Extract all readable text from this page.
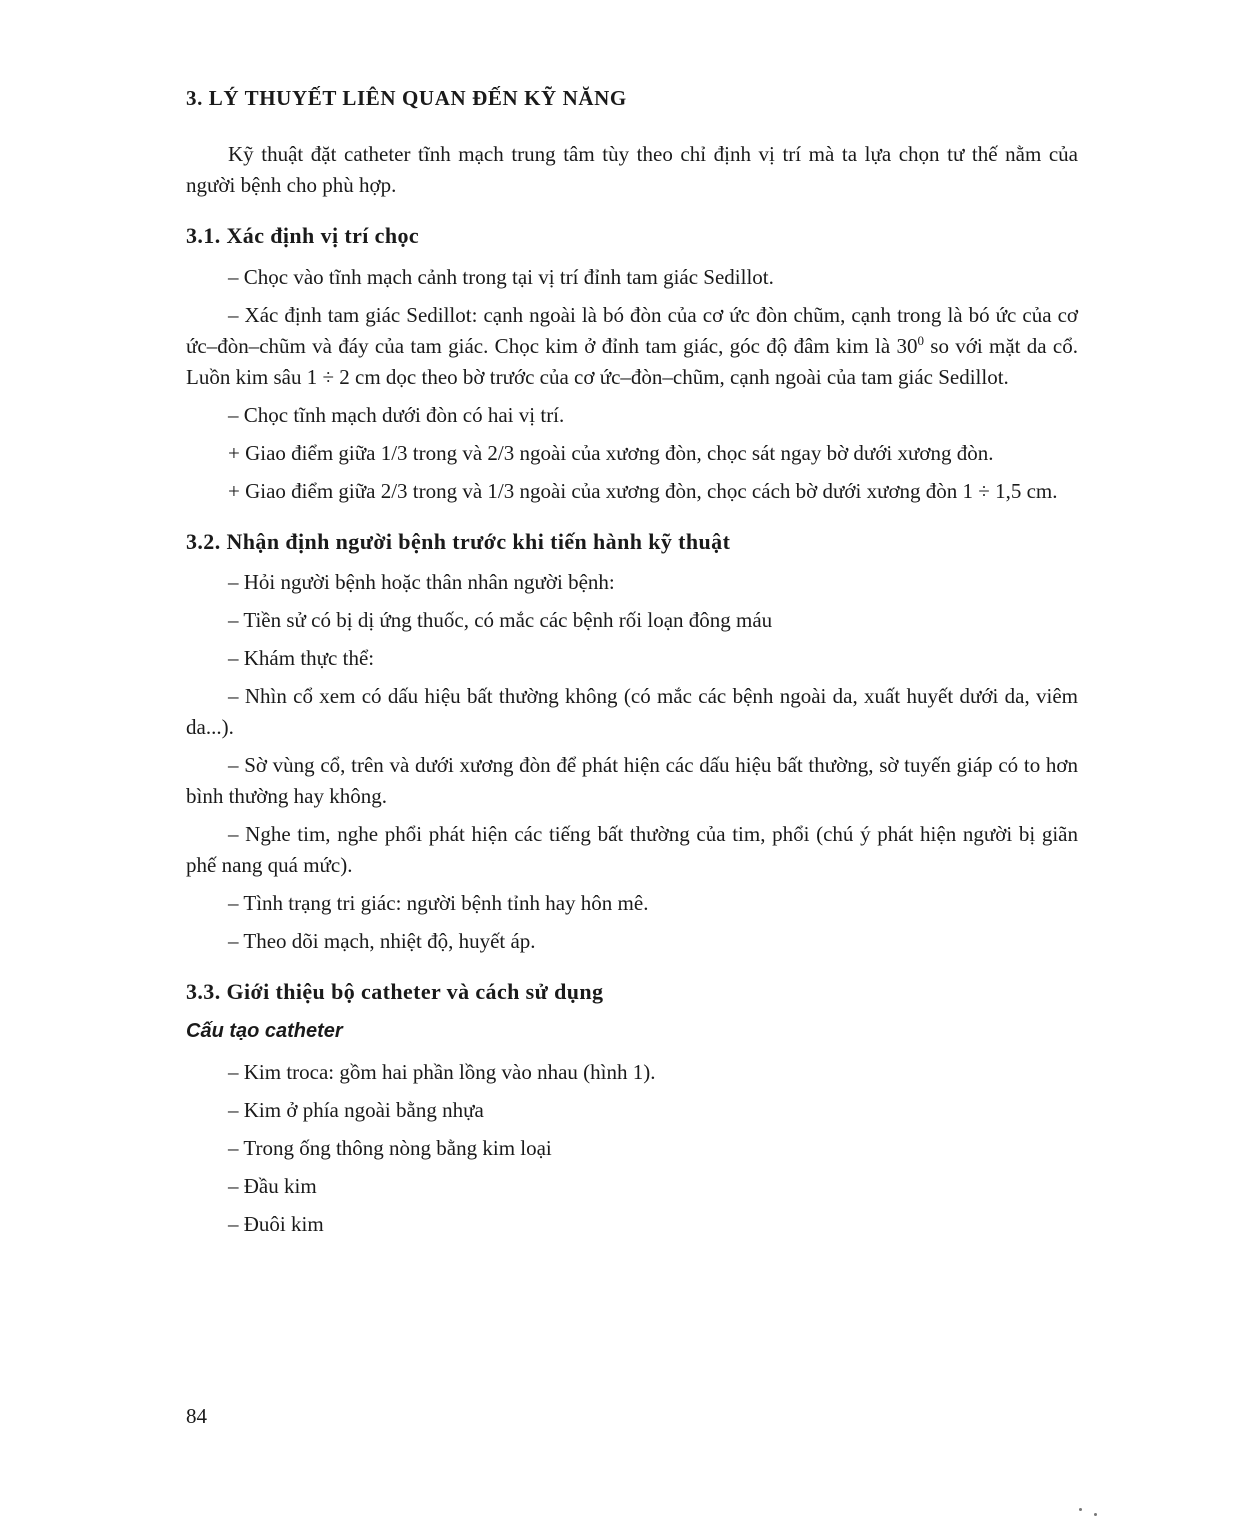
3. LÝ THUYẾT LIÊN QUAN ĐẾN KỸ NĂNG
Kỹ thuật đặt catheter tĩnh mạch trung tâm tùy theo chỉ định vị trí mà ta lựa chọn tư thế nằm của người bệnh cho phù hợp.
3.1. Xác định vị trí chọc
– Chọc vào tĩnh mạch cảnh trong tại vị trí đỉnh tam giác Sedillot.
– Xác định tam giác Sedillot: cạnh ngoài là bó đòn của cơ ức đòn chũm, cạnh trong là bó ức của cơ ức–đòn–chũm và đáy của tam giác. Chọc kim ở đỉnh tam giác, góc độ đâm kim là $30^0$ so với mặt da cổ. Luồn kim sâu 1 ÷ 2 cm dọc theo bờ trước của cơ ức–đòn–chũm, cạnh ngoài của tam giác Sedillot.
– Chọc tĩnh mạch dưới đòn có hai vị trí.
+ Giao điểm giữa 1/3 trong và 2/3 ngoài của xương đòn, chọc sát ngay bờ dưới xương đòn.
+ Giao điểm giữa 2/3 trong và 1/3 ngoài của xương đòn, chọc cách bờ dưới xương đòn 1 ÷ 1,5 cm.
3.2. Nhận định người bệnh trước khi tiến hành kỹ thuật
– Hỏi người bệnh hoặc thân nhân người bệnh:
– Tiền sử có bị dị ứng thuốc, có mắc các bệnh rối loạn đông máu
– Khám thực thể:
– Nhìn cổ xem có dấu hiệu bất thường không (có mắc các bệnh ngoài da, xuất huyết dưới da, viêm da...).
– Sờ vùng cổ, trên và dưới xương đòn để phát hiện các dấu hiệu bất thường, sờ tuyến giáp có to hơn bình thường hay không.
– Nghe tim, nghe phổi phát hiện các tiếng bất thường của tim, phổi (chú ý phát hiện người bị giãn phế nang quá mức).
– Tình trạng tri giác: người bệnh tỉnh hay hôn mê.
– Theo dõi mạch, nhiệt độ, huyết áp.
3.3. Giới thiệu bộ catheter và cách sử dụng
Cấu tạo catheter
– Kim troca: gồm hai phần lồng vào nhau (hình 1).
– Kim ở phía ngoài bằng nhựa
– Trong ống thông nòng bằng kim loại
– Đầu kim
– Đuôi kim
84
